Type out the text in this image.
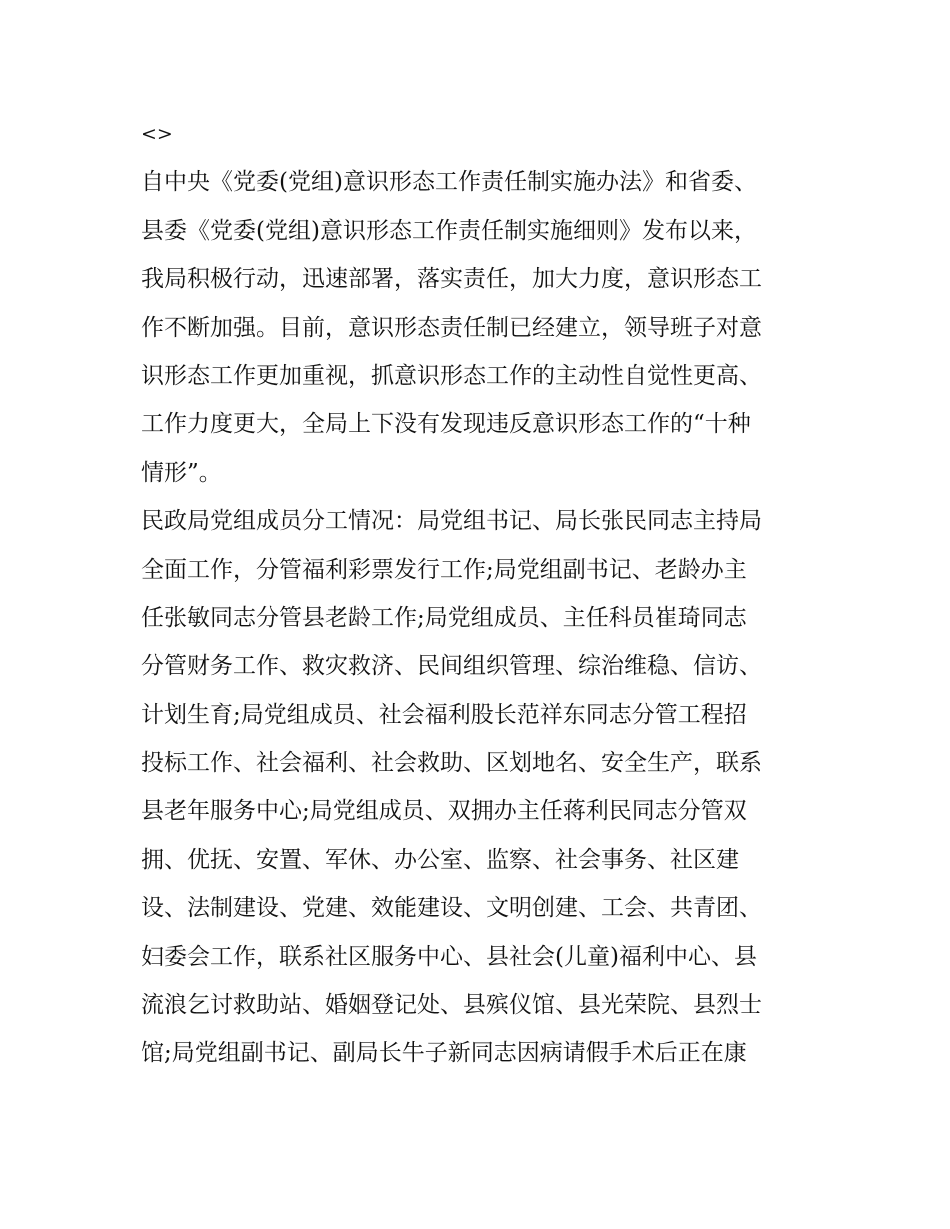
<>
自中央《党委(党组)意识形态工作责任制实施办法》和省委、
县委《党委(党组)意识形态工作责任制实施细则》发布以来，
我局积极行动，迅速部署，落实责任，加大力度，意识形态工
作不断加强。目前，意识形态责任制已经建立，领导班子对意
识形态工作更加重视，抓意识形态工作的主动性自觉性更高、
工作力度更大，全局上下没有发现违反意识形态工作的“十种
情形”。
民政局党组成员分工情况：局党组书记、局长张民同志主持局
全面工作，分管福利彩票发行工作;局党组副书记、老龄办主
任张敏同志分管县老龄工作;局党组成员、主任科员崔琦同志
分管财务工作、救灾救济、民间组织管理、综治维稳、信访、
计划生育;局党组成员、社会福利股长范祥东同志分管工程招
投标工作、社会福利、社会救助、区划地名、安全生产，联系
县老年服务中心;局党组成员、双拥办主任蒋利民同志分管双
拥、优抚、安置、军休、办公室、监察、社会事务、社区建
设、法制建设、党建、效能建设、文明创建、工会、共青团、
妇委会工作，联系社区服务中心、县社会(儿童)福利中心、县
流浪乞讨救助站、婚姻登记处、县殡仪馆、县光荣院、县烈士
馆;局党组副书记、副局长牛子新同志因病请假手术后正在康
